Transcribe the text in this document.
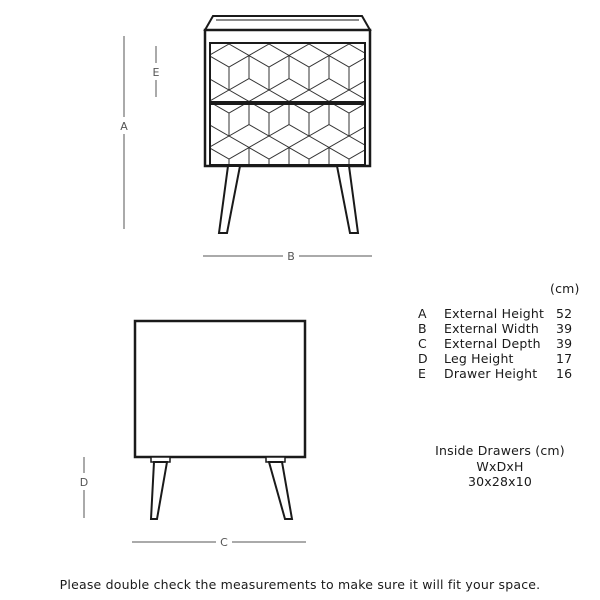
A
E
B
D
C
(cm)
A External Height 52
B External Width 39
C External Depth 39
D Leg Height	17
E Drawer Height 16
Inside Drawers (cm)
WxDxH
30x28x10
Please double check the measurements to make sure it will fit your space.
